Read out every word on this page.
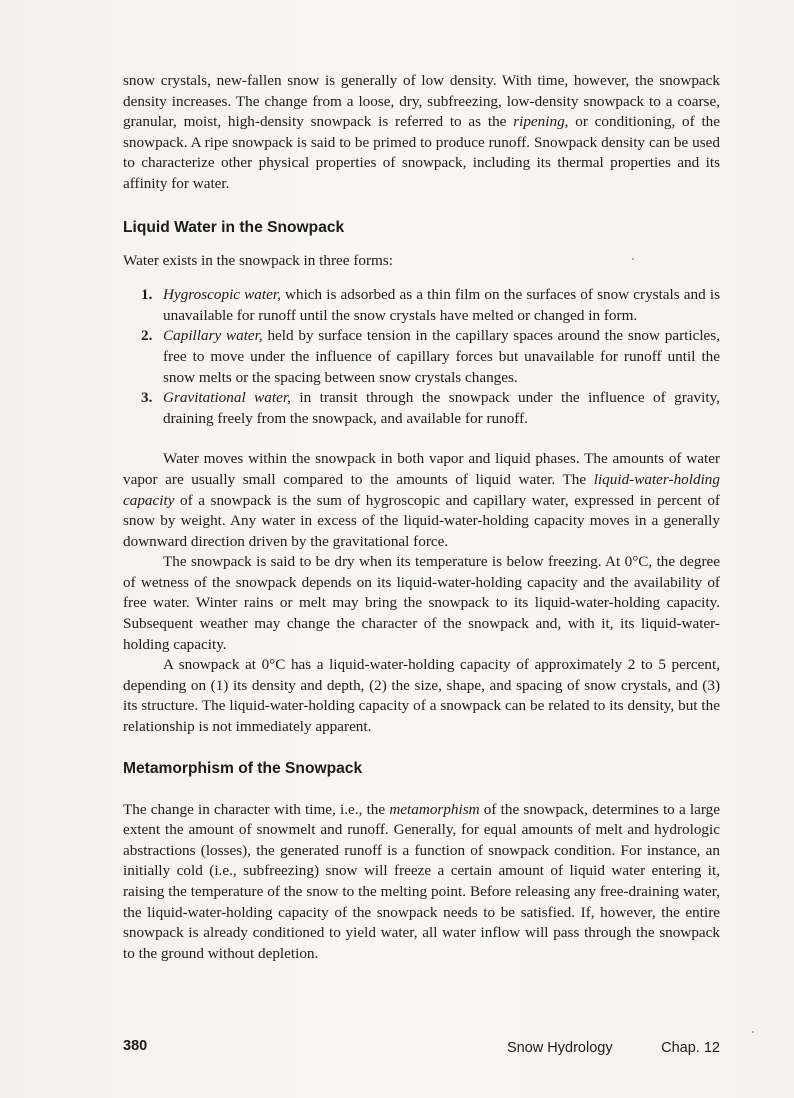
snow crystals, new-fallen snow is generally of low density. With time, however, the snowpack density increases. The change from a loose, dry, subfreezing, low-density snowpack to a coarse, granular, moist, high-density snowpack is referred to as the ripening, or conditioning, of the snowpack. A ripe snowpack is said to be primed to produce runoff. Snowpack density can be used to characterize other physical properties of snowpack, including its thermal properties and its affinity for water.

Liquid Water in the Snowpack

Water exists in the snowpack in three forms:

1. Hygroscopic water, which is adsorbed as a thin film on the surfaces of snow crystals and is unavailable for runoff until the snow crystals have melted or changed in form.
2. Capillary water, held by surface tension in the capillary spaces around the snow particles, free to move under the influence of capillary forces but unavailable for runoff until the snow melts or the spacing between snow crystals changes.
3. Gravitational water, in transit through the snowpack under the influence of gravity, draining freely from the snowpack, and available for runoff.

Water moves within the snowpack in both vapor and liquid phases. The amounts of water vapor are usually small compared to the amounts of liquid water. The liquid-water-holding capacity of a snowpack is the sum of hygroscopic and capillary water, expressed in percent of snow by weight. Any water in excess of the liquid-water-holding capacity moves in a generally downward direction driven by the gravitational force.

The snowpack is said to be dry when its temperature is below freezing. At 0°C, the degree of wetness of the snowpack depends on its liquid-water-holding capacity and the availability of free water. Winter rains or melt may bring the snowpack to its liquid-water-holding capacity. Subsequent weather may change the character of the snowpack and, with it, its liquid-water-holding capacity.

A snowpack at 0°C has a liquid-water-holding capacity of approximately 2 to 5 percent, depending on (1) its density and depth, (2) the size, shape, and spacing of snow crystals, and (3) its structure. The liquid-water-holding capacity of a snowpack can be related to its density, but the relationship is not immediately apparent.

Metamorphism of the Snowpack

The change in character with time, i.e., the metamorphism of the snowpack, determines to a large extent the amount of snowmelt and runoff. Generally, for equal amounts of melt and hydrologic abstractions (losses), the generated runoff is a function of snowpack condition. For instance, an initially cold (i.e., subfreezing) snow will freeze a certain amount of liquid water entering it, raising the temperature of the snow to the melting point. Before releasing any free-draining water, the liquid-water-holding capacity of the snowpack needs to be satisfied. If, however, the entire snowpack is already conditioned to yield water, all water inflow will pass through the snowpack to the ground without depletion.

380	Snow Hydrology	Chap. 12
